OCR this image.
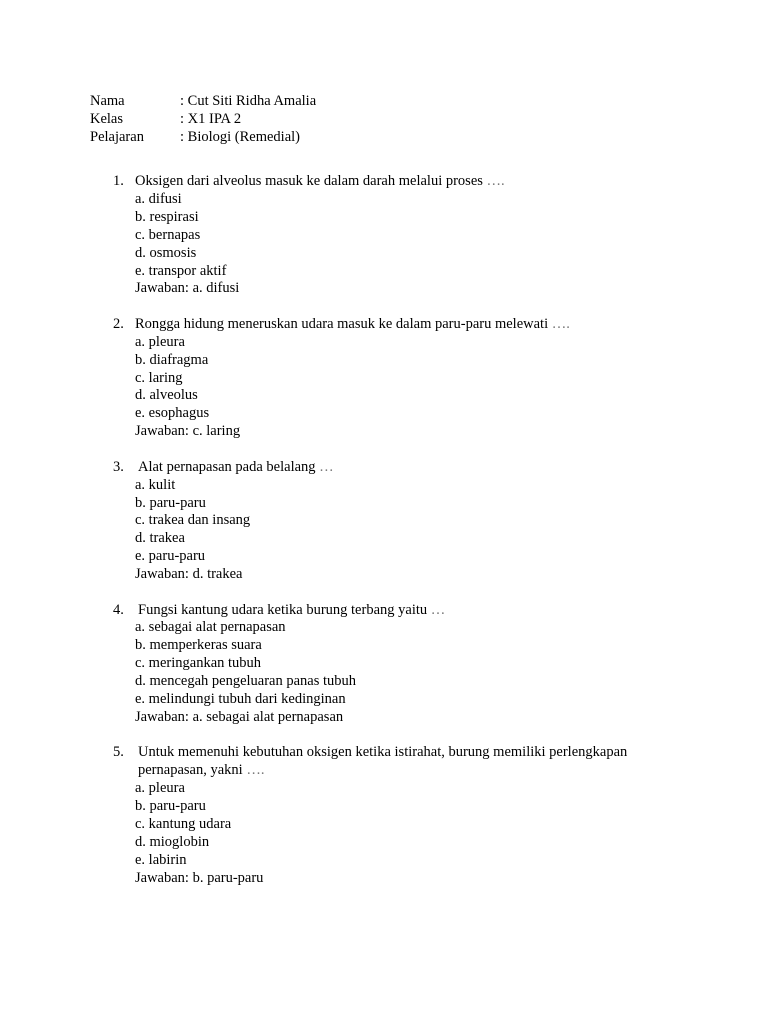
Nama	: Cut Siti Ridha Amalia
Kelas	: X1 IPA 2
Pelajaran	: Biologi (Remedial)
1. Oksigen dari alveolus masuk ke dalam darah melalui proses ….
a. difusi
b. respirasi
c. bernapas
d. osmosis
e. transpor aktif
Jawaban: a. difusi
2. Rongga hidung meneruskan udara masuk ke dalam paru-paru melewati ….
a. pleura
b. diafragma
c. laring
d. alveolus
e. esophagus
Jawaban: c. laring
3. Alat pernapasan pada belalang …
a. kulit
b. paru-paru
c. trakea dan insang
d. trakea
e. paru-paru
Jawaban: d. trakea
4. Fungsi kantung udara ketika burung terbang yaitu …
a. sebagai alat pernapasan
b. memperkeras suara
c. meringankan tubuh
d. mencegah pengeluaran panas tubuh
e. melindungi tubuh dari kedinginan
Jawaban: a. sebagai alat pernapasan
5. Untuk memenuhi kebutuhan oksigen ketika istirahat, burung memiliki perlengkapan pernapasan, yakni ….
a. pleura
b. paru-paru
c. kantung udara
d. mioglobin
e. labirin
Jawaban: b. paru-paru
